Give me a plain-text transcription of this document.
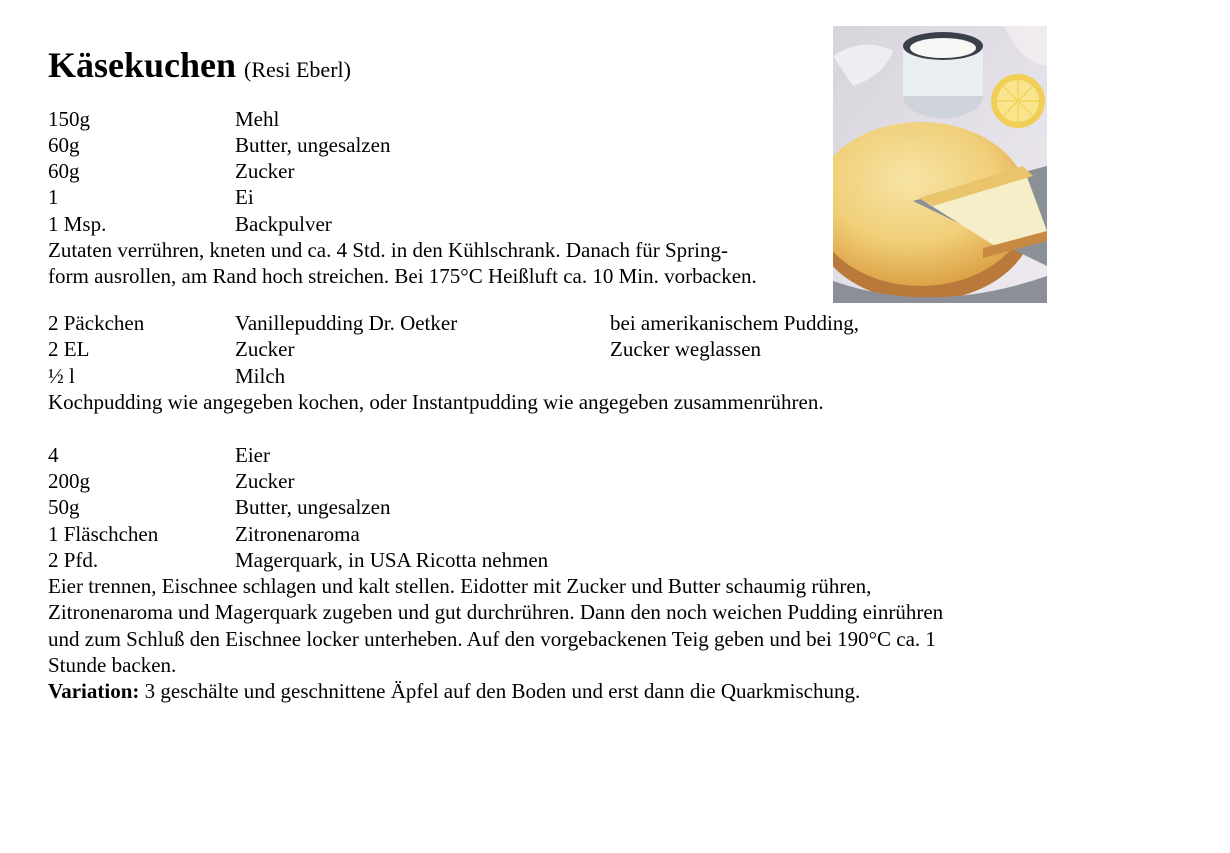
Käsekuchen (Resi Eberl)
150g	Mehl
60g	Butter, ungesalzen
60g	Zucker
1	Ei
1 Msp.	Backpulver
Zutaten verrühren, kneten und ca. 4 Std. in den Kühlschrank. Danach für Spring-
form ausrollen, am Rand hoch streichen. Bei 175°C Heißluft ca. 10 Min. vorbacken.
2 Päckchen	Vanillepudding Dr. Oetker	bei amerikanischem Pudding,
2 EL	Zucker	Zucker weglassen
½ l	Milch
Kochpudding wie angegeben kochen, oder Instantpudding wie angegeben zusammenrühren.
4	Eier
200g	Zucker
50g	Butter, ungesalzen
1 Fläschchen	Zitronenaroma
2 Pfd.	Magerquark, in USA Ricotta nehmen
Eier trennen, Eischnee schlagen und kalt stellen. Eidotter mit Zucker und Butter schaumig rühren,
Zitronenaroma und Magerquark zugeben und gut durchrühren. Dann den noch weichen Pudding einrühren
und zum Schluß den Eischnee locker unterheben. Auf den vorgebackenen Teig geben und bei 190°C ca. 1
Stunde backen.
Variation: 3 geschälte und geschnittene Äpfel auf den Boden und erst dann die Quarkmischung.
